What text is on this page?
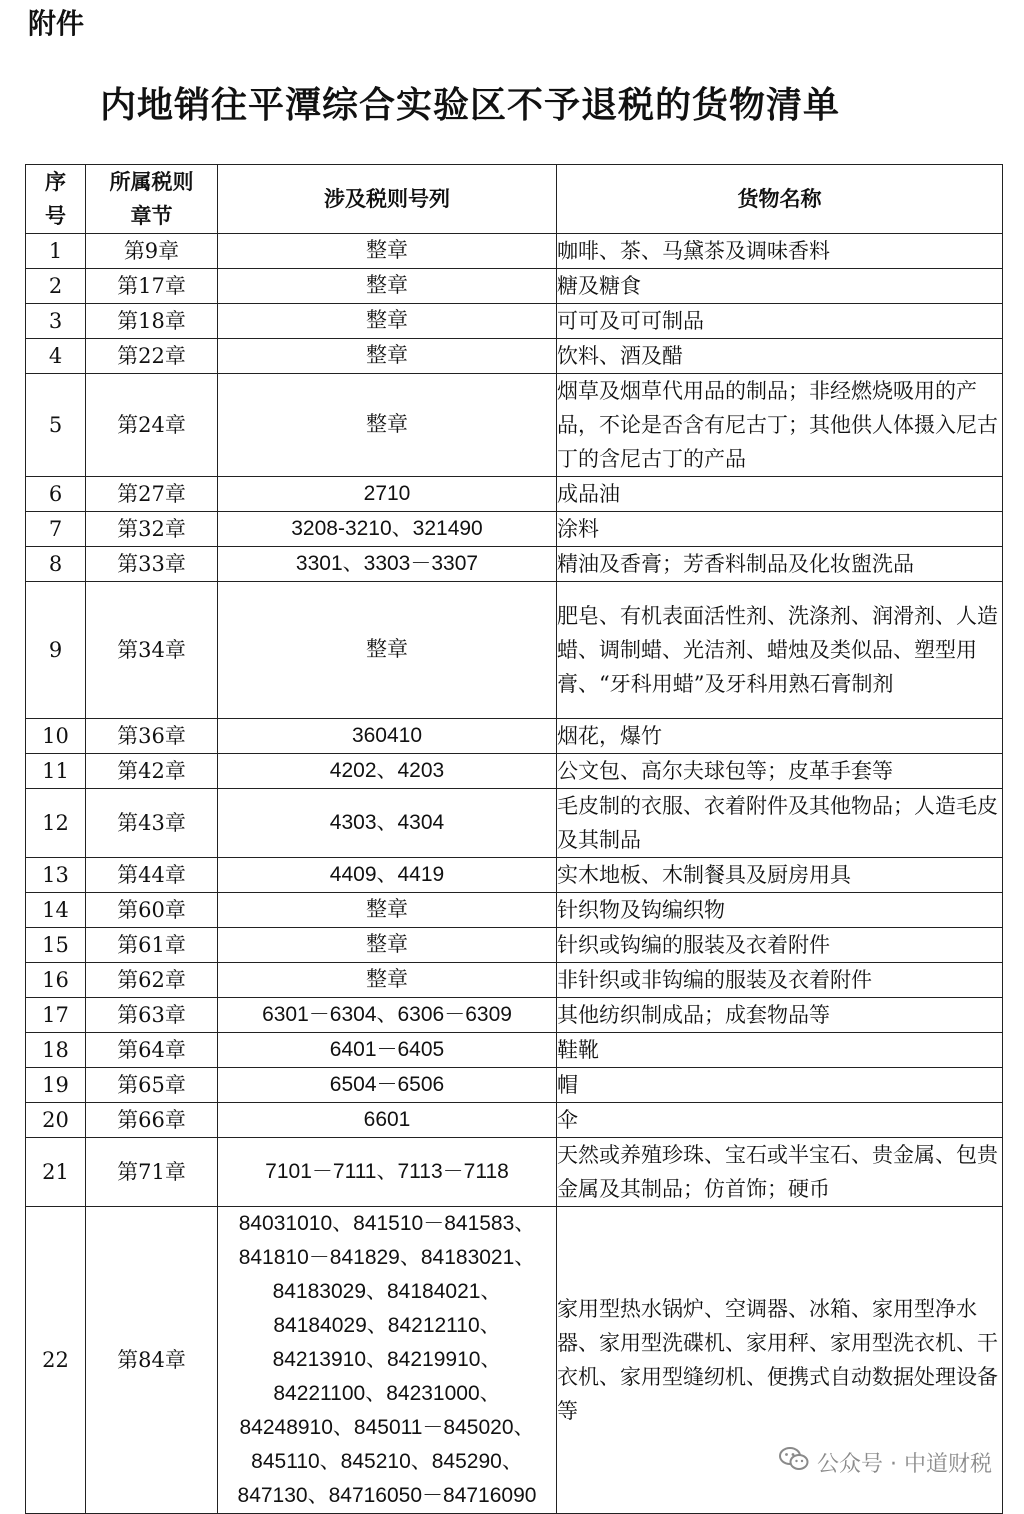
附件
内地销往平潭综合实验区不予退税的货物清单
序号	所属税则章节	涉及税则号列	货物名称
1	第9章	整章	咖啡、茶、马黛茶及调味香料
2	第17章	整章	糖及糖食
3	第18章	整章	可可及可可制品
4	第22章	整章	饮料、酒及醋
5	第24章	整章	烟草及烟草代用品的制品；非经燃烧吸用的产品，不论是否含有尼古丁；其他供人体摄入尼古丁的含尼古丁的产品
6	第27章	2710	成品油
7	第32章	3208-3210、321490	涂料
8	第33章	3301、3303－3307	精油及香膏；芳香料制品及化妆盥洗品
9	第34章	整章	肥皂、有机表面活性剂、洗涤剂、润滑剂、人造蜡、调制蜡、光洁剂、蜡烛及类似品、塑型用膏、“牙科用蜡”及牙科用熟石膏制剂
10	第36章	360410	烟花，爆竹
11	第42章	4202、4203	公文包、高尔夫球包等；皮革手套等
12	第43章	4303、4304	毛皮制的衣服、衣着附件及其他物品；人造毛皮及其制品
13	第44章	4409、4419	实木地板、木制餐具及厨房用具
14	第60章	整章	针织物及钩编织物
15	第61章	整章	针织或钩编的服装及衣着附件
16	第62章	整章	非针织或非钩编的服装及衣着附件
17	第63章	6301－6304、6306－6309	其他纺织制成品；成套物品等
18	第64章	6401－6405	鞋靴
19	第65章	6504－6506	帽
20	第66章	6601	伞
21	第71章	7101－7111、7113－7118	天然或养殖珍珠、宝石或半宝石、贵金属、包贵金属及其制品；仿首饰；硬币
22	第84章	84031010、841510－841583、841810－841829、84183021、84183029、84184021、84184029、84212110、84213910、84219910、84221100、84231000、84248910、845011－845020、845110、845210、845290、847130、84716050－84716090	家用型热水锅炉、空调器、冰箱、家用型净水器、家用型洗碟机、家用秤、家用型洗衣机、干衣机、家用型缝纫机、便携式自动数据处理设备等
公众号 · 中道财税
